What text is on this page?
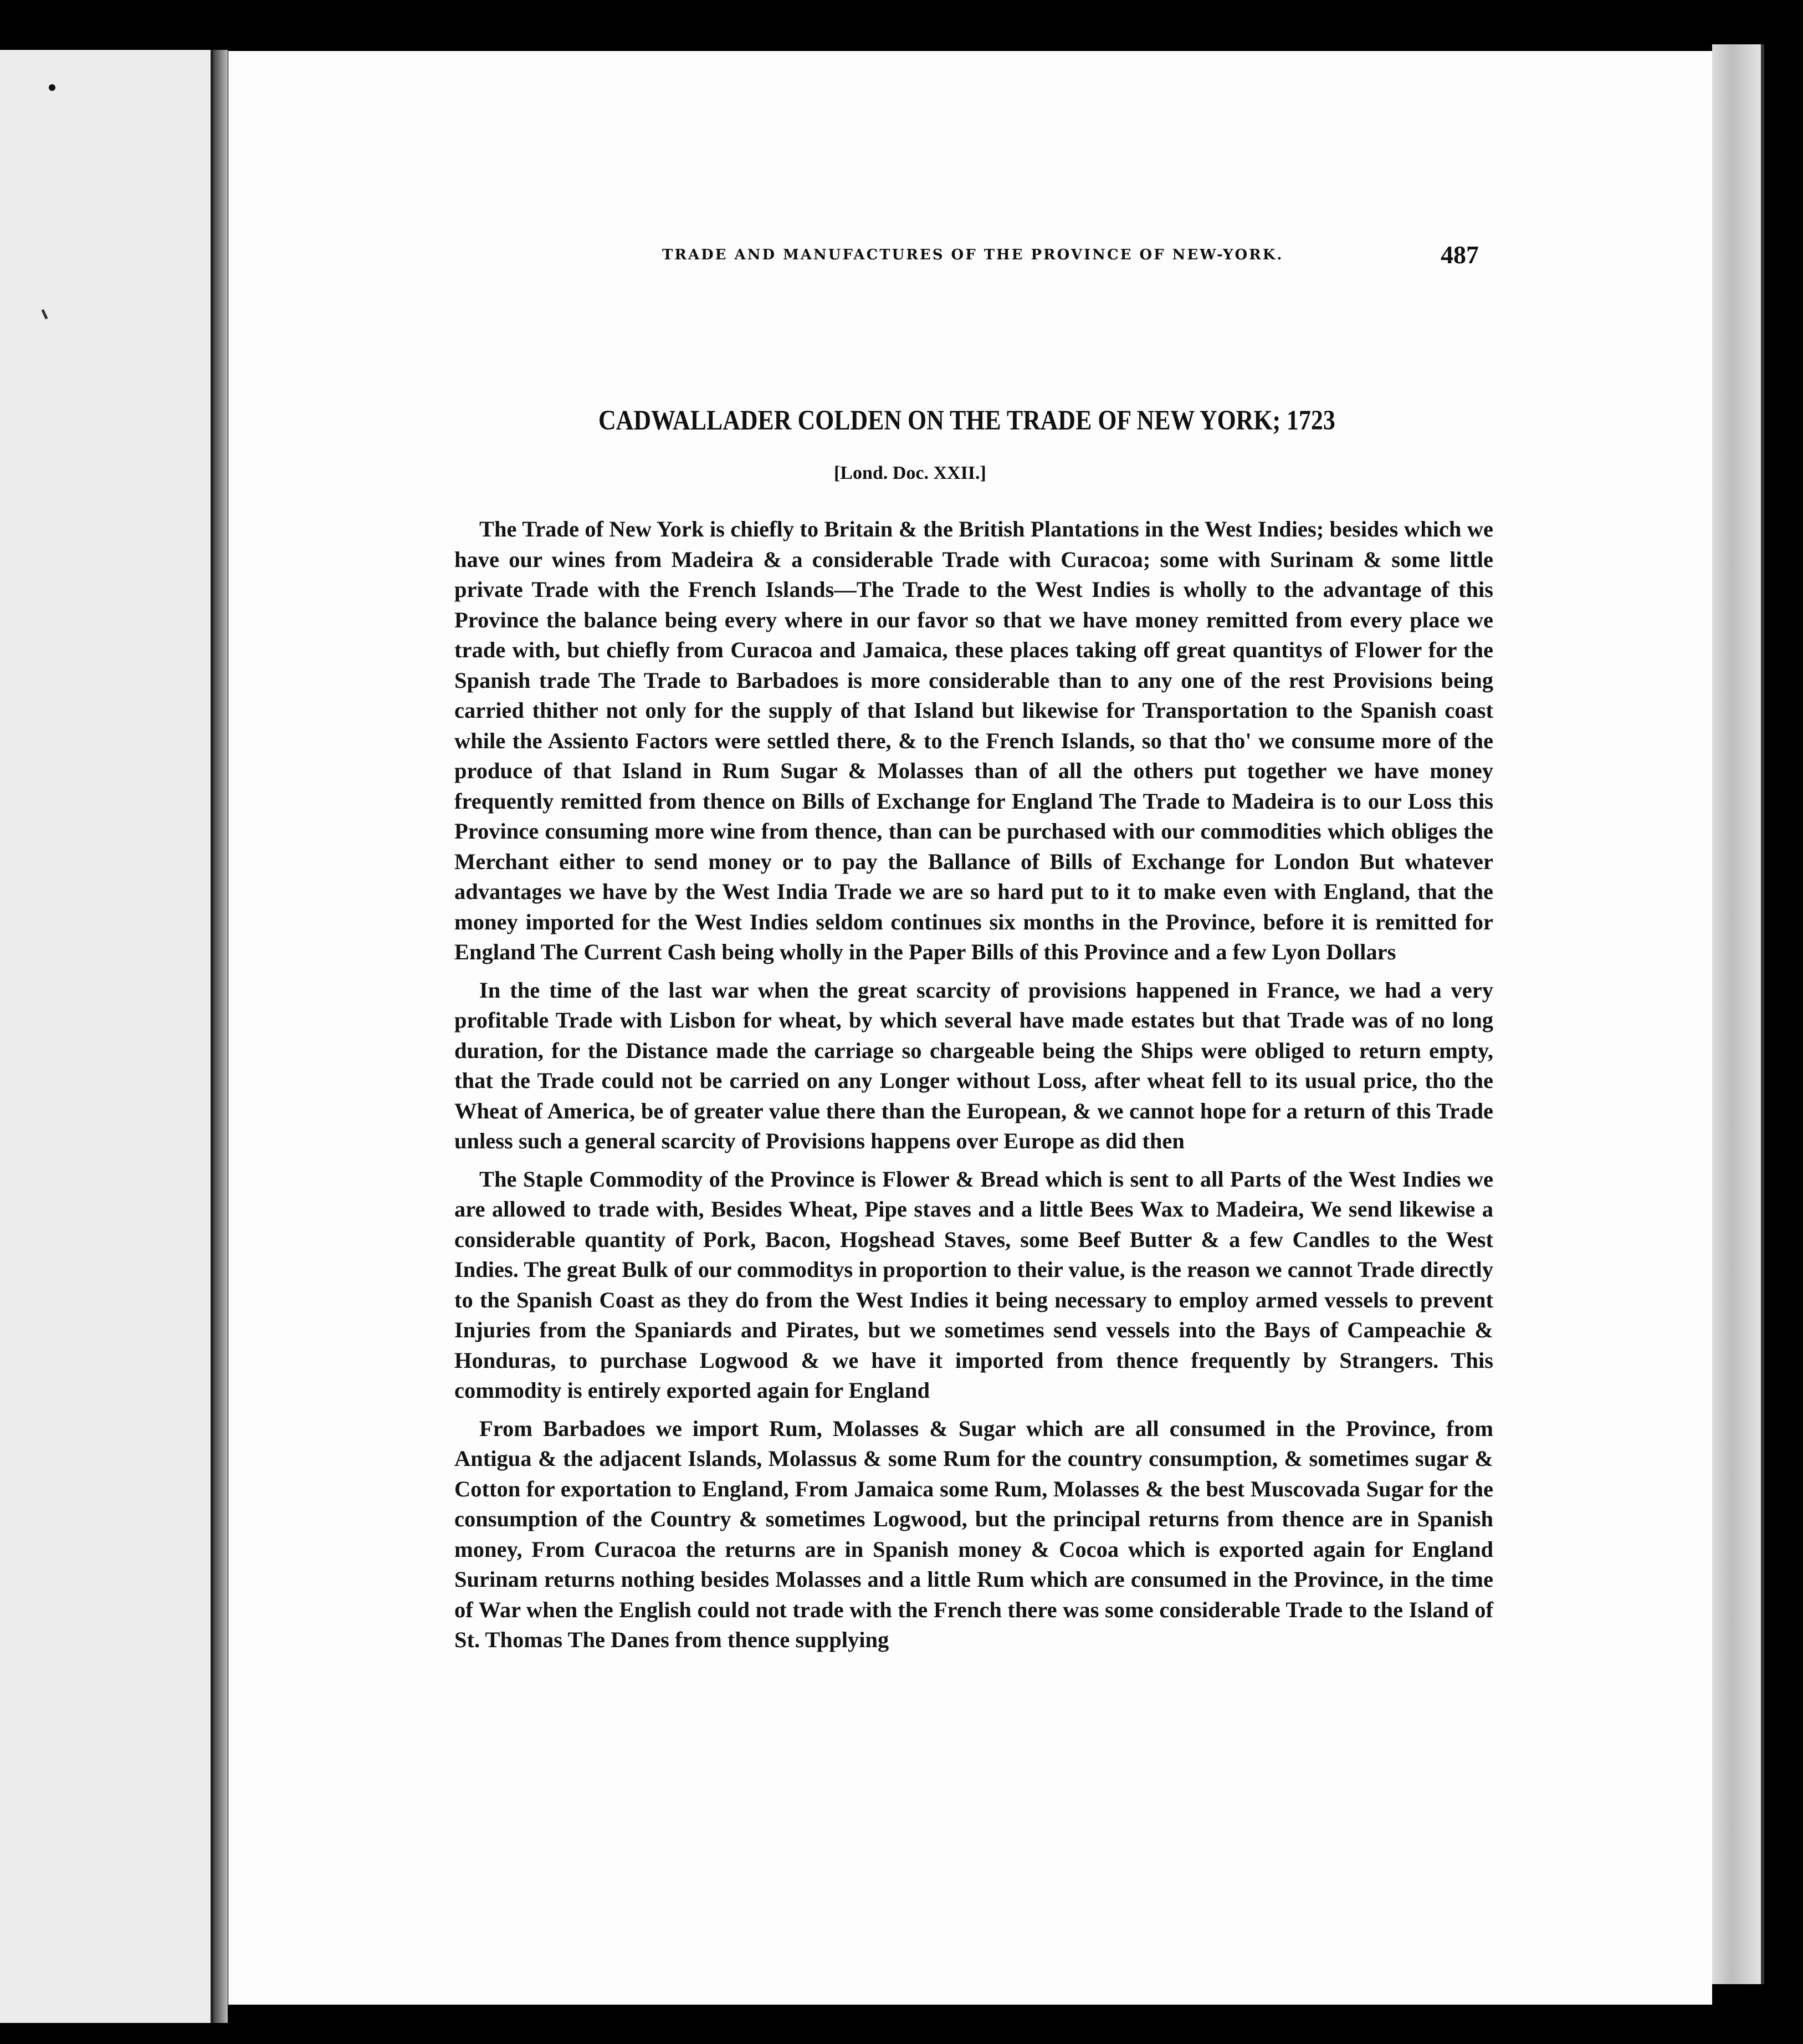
TRADE AND MANUFACTURES OF THE PROVINCE OF NEW-YORK.	487
CADWALLADER COLDEN ON THE TRADE OF NEW YORK; 1723
[Lond. Doc. XXII.]

The Trade of New York is chiefly to Britain & the British Plantations in the West Indies; besides which we have our wines from Madeira & a considerable Trade with Curacoa; some with Surinam & some little private Trade with the French Islands—The Trade to the West Indies is wholly to the advantage of this Province the balance being every where in our favor so that we have money remitted from every place we trade with, but chiefly from Curacoa and Jamaica, these places taking off great quantitys of Flower for the Spanish trade The Trade to Barbadoes is more considerable than to any one of the rest Provisions being carried thither not only for the supply of that Island but likewise for Transportation to the Spanish coast while the Assiento Factors were settled there, & to the French Islands, so that tho' we consume more of the produce of that Island in Rum Sugar & Molasses than of all the others put together we have money frequently remitted from thence on Bills of Exchange for England The Trade to Madeira is to our Loss this Province consuming more wine from thence, than can be purchased with our commodities which obliges the Merchant either to send money or to pay the Ballance of Bills of Exchange for London But whatever advantages we have by the West India Trade we are so hard put to it to make even with England, that the money imported for the West Indies seldom continues six months in the Province, before it is remitted for England The Current Cash being wholly in the Paper Bills of this Province and a few Lyon Dollars

In the time of the last war when the great scarcity of provisions happened in France, we had a very profitable Trade with Lisbon for wheat, by which several have made estates but that Trade was of no long duration, for the Distance made the carriage so chargeable being the Ships were obliged to return empty, that the Trade could not be carried on any Longer without Loss, after wheat fell to its usual price, tho the Wheat of America, be of greater value there than the European, & we cannot hope for a return of this Trade unless such a general scarcity of Provisions happens over Europe as did then

The Staple Commodity of the Province is Flower & Bread which is sent to all Parts of the West Indies we are allowed to trade with, Besides Wheat, Pipe staves and a little Bees Wax to Madeira, We send likewise a considerable quantity of Pork, Bacon, Hogshead Staves, some Beef Butter & a few Candles to the West Indies. The great Bulk of our commoditys in proportion to their value, is the reason we cannot Trade directly to the Spanish Coast as they do from the West Indies it being necessary to employ armed vessels to prevent Injuries from the Spaniards and Pirates, but we sometimes send vessels into the Bays of Campeachie & Honduras, to purchase Logwood & we have it imported from thence frequently by Strangers. This commodity is entirely exported again for England

From Barbadoes we import Rum, Molasses & Sugar which are all consumed in the Province, from Antigua & the adjacent Islands, Molassus & some Rum for the country consumption, & sometimes sugar & Cotton for exportation to England, From Jamaica some Rum, Molasses & the best Muscovada Sugar for the consumption of the Country & sometimes Logwood, but the principal returns from thence are in Spanish money, From Curacoa the returns are in Spanish money & Cocoa which is exported again for England Surinam returns nothing besides Molasses and a little Rum which are consumed in the Province, in the time of War when the English could not trade with the French there was some considerable Trade to the Island of St. Thomas The Danes from thence supplying
